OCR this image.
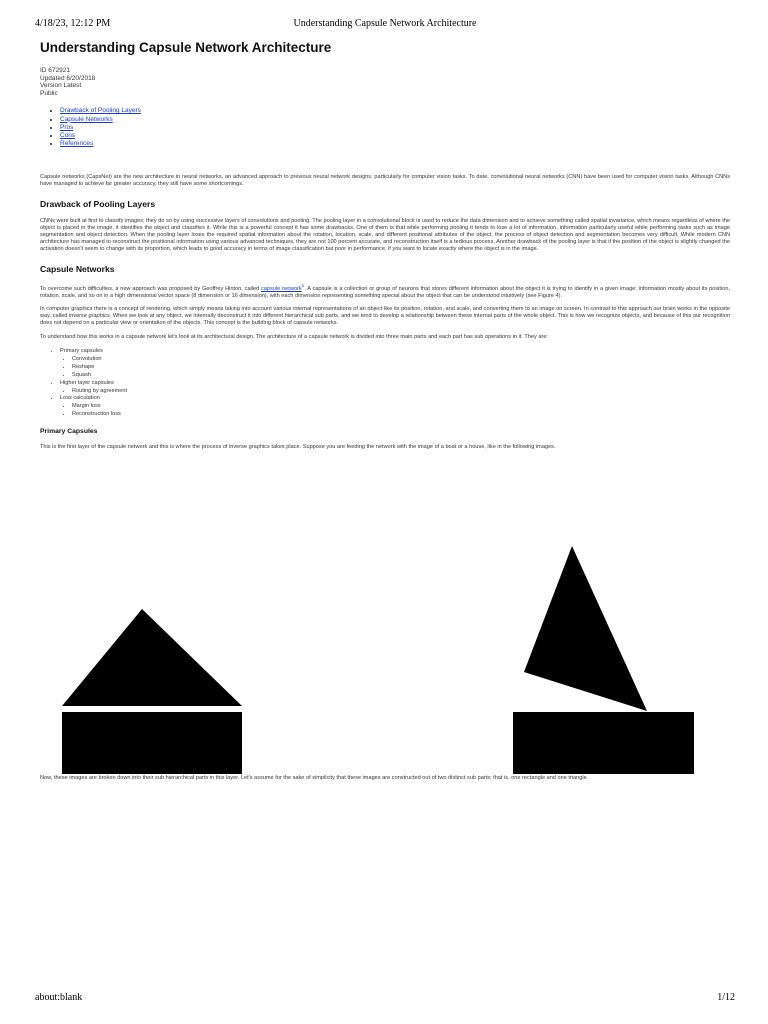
4/18/23, 12:12 PM	Understanding Capsule Network Architecture
Understanding Capsule Network Architecture
ID 672921
Updated 6/20/2018
Version Latest
Public
• Drawback of Pooling Layers
• Capsule Networks
• Pros
• Cons
• References

Capsule networks (CapsNet) are the new architecture in neural networks, an advanced approach to previous neural network designs, particularly for computer vision tasks. To date, convolutional neural networks (CNN) have been used for computer vision tasks. Although CNNs have managed to achieve far greater accuracy, they still have some shortcomings.

Drawback of Pooling Layers

CNNs were built at first to classify images; they do so by using successive layers of convolutions and pooling. The pooling layer in a convolutional block is used to reduce the data dimension and to achieve something called spatial invariance, which means regardless of where the object is placed in the image, it identifies the object and classifies it. While this is a powerful concept it has some drawbacks. One of them is that while performing pooling it tends to lose a lot of information, information particularly useful while performing tasks such as image segmentation and object detection. When the pooling layer loses the required spatial information about the rotation, location, scale, and different positional attributes of the object, the process of object detection and segmentation becomes very difficult. While modern CNN architecture has managed to reconstruct the positional information using various advanced techniques, they are not 100 percent accurate, and reconstruction itself is a tedious process. Another drawback of the pooling layer is that if the position of the object is slightly changed the activation doesn't seem to change with its proportion, which leads to good accuracy in terms of image classification but poor in performance, if you want to locate exactly where the object is in the image.

Capsule Networks

To overcome such difficulties, a new approach was proposed by Geoffrey Hinton, called capsule network$^1$. A capsule is a collection or group of neurons that stores different information about the object it is trying to identify in a given image; information mostly about its position, rotation, scale, and so on in a high dimensional vector space (8 dimension or 16 dimension), with each dimension representing something special about the object that can be understood intuitively (see Figure 4).

In computer graphics there is a concept of rendering, which simply means taking into account various internal representations of an object like its position, rotation, and scale, and converting them to an image on screen. In contrast to this approach our brain works in the opposite way, called inverse graphics. When we look at any object, we internally deconstruct it into different hierarchical sub parts, and we tend to develop a relationship between these internal parts of the whole object. This is how we recognize objects, and because of this our recognition does not depend on a particular view or orientation of the objects. This concept is the building block of capsule networks.

To understand how this works in a capsule network let's look at its architectural design. The architecture of a capsule network is divided into three main parts and each part has sub operations in it. They are:

• Primary capsules
• Convolution
• Reshape
• Squash
• Higher layer capsules
• Routing by agreement
• Loss calculation
• Margin loss
• Reconstruction loss
Primary Capsules

This is the first layer of the capsule network and this is where the process of inverse graphics takes place. Suppose you are feeding the network with the image of a boat or a house, like in the following images.

Now, these images are broken down into their sub hierarchical parts in this layer. Let's assume for the sake of simplicity that these images are constructed out of two distinct sub parts; that is, one rectangle and one triangle.

about:blank	1/12
